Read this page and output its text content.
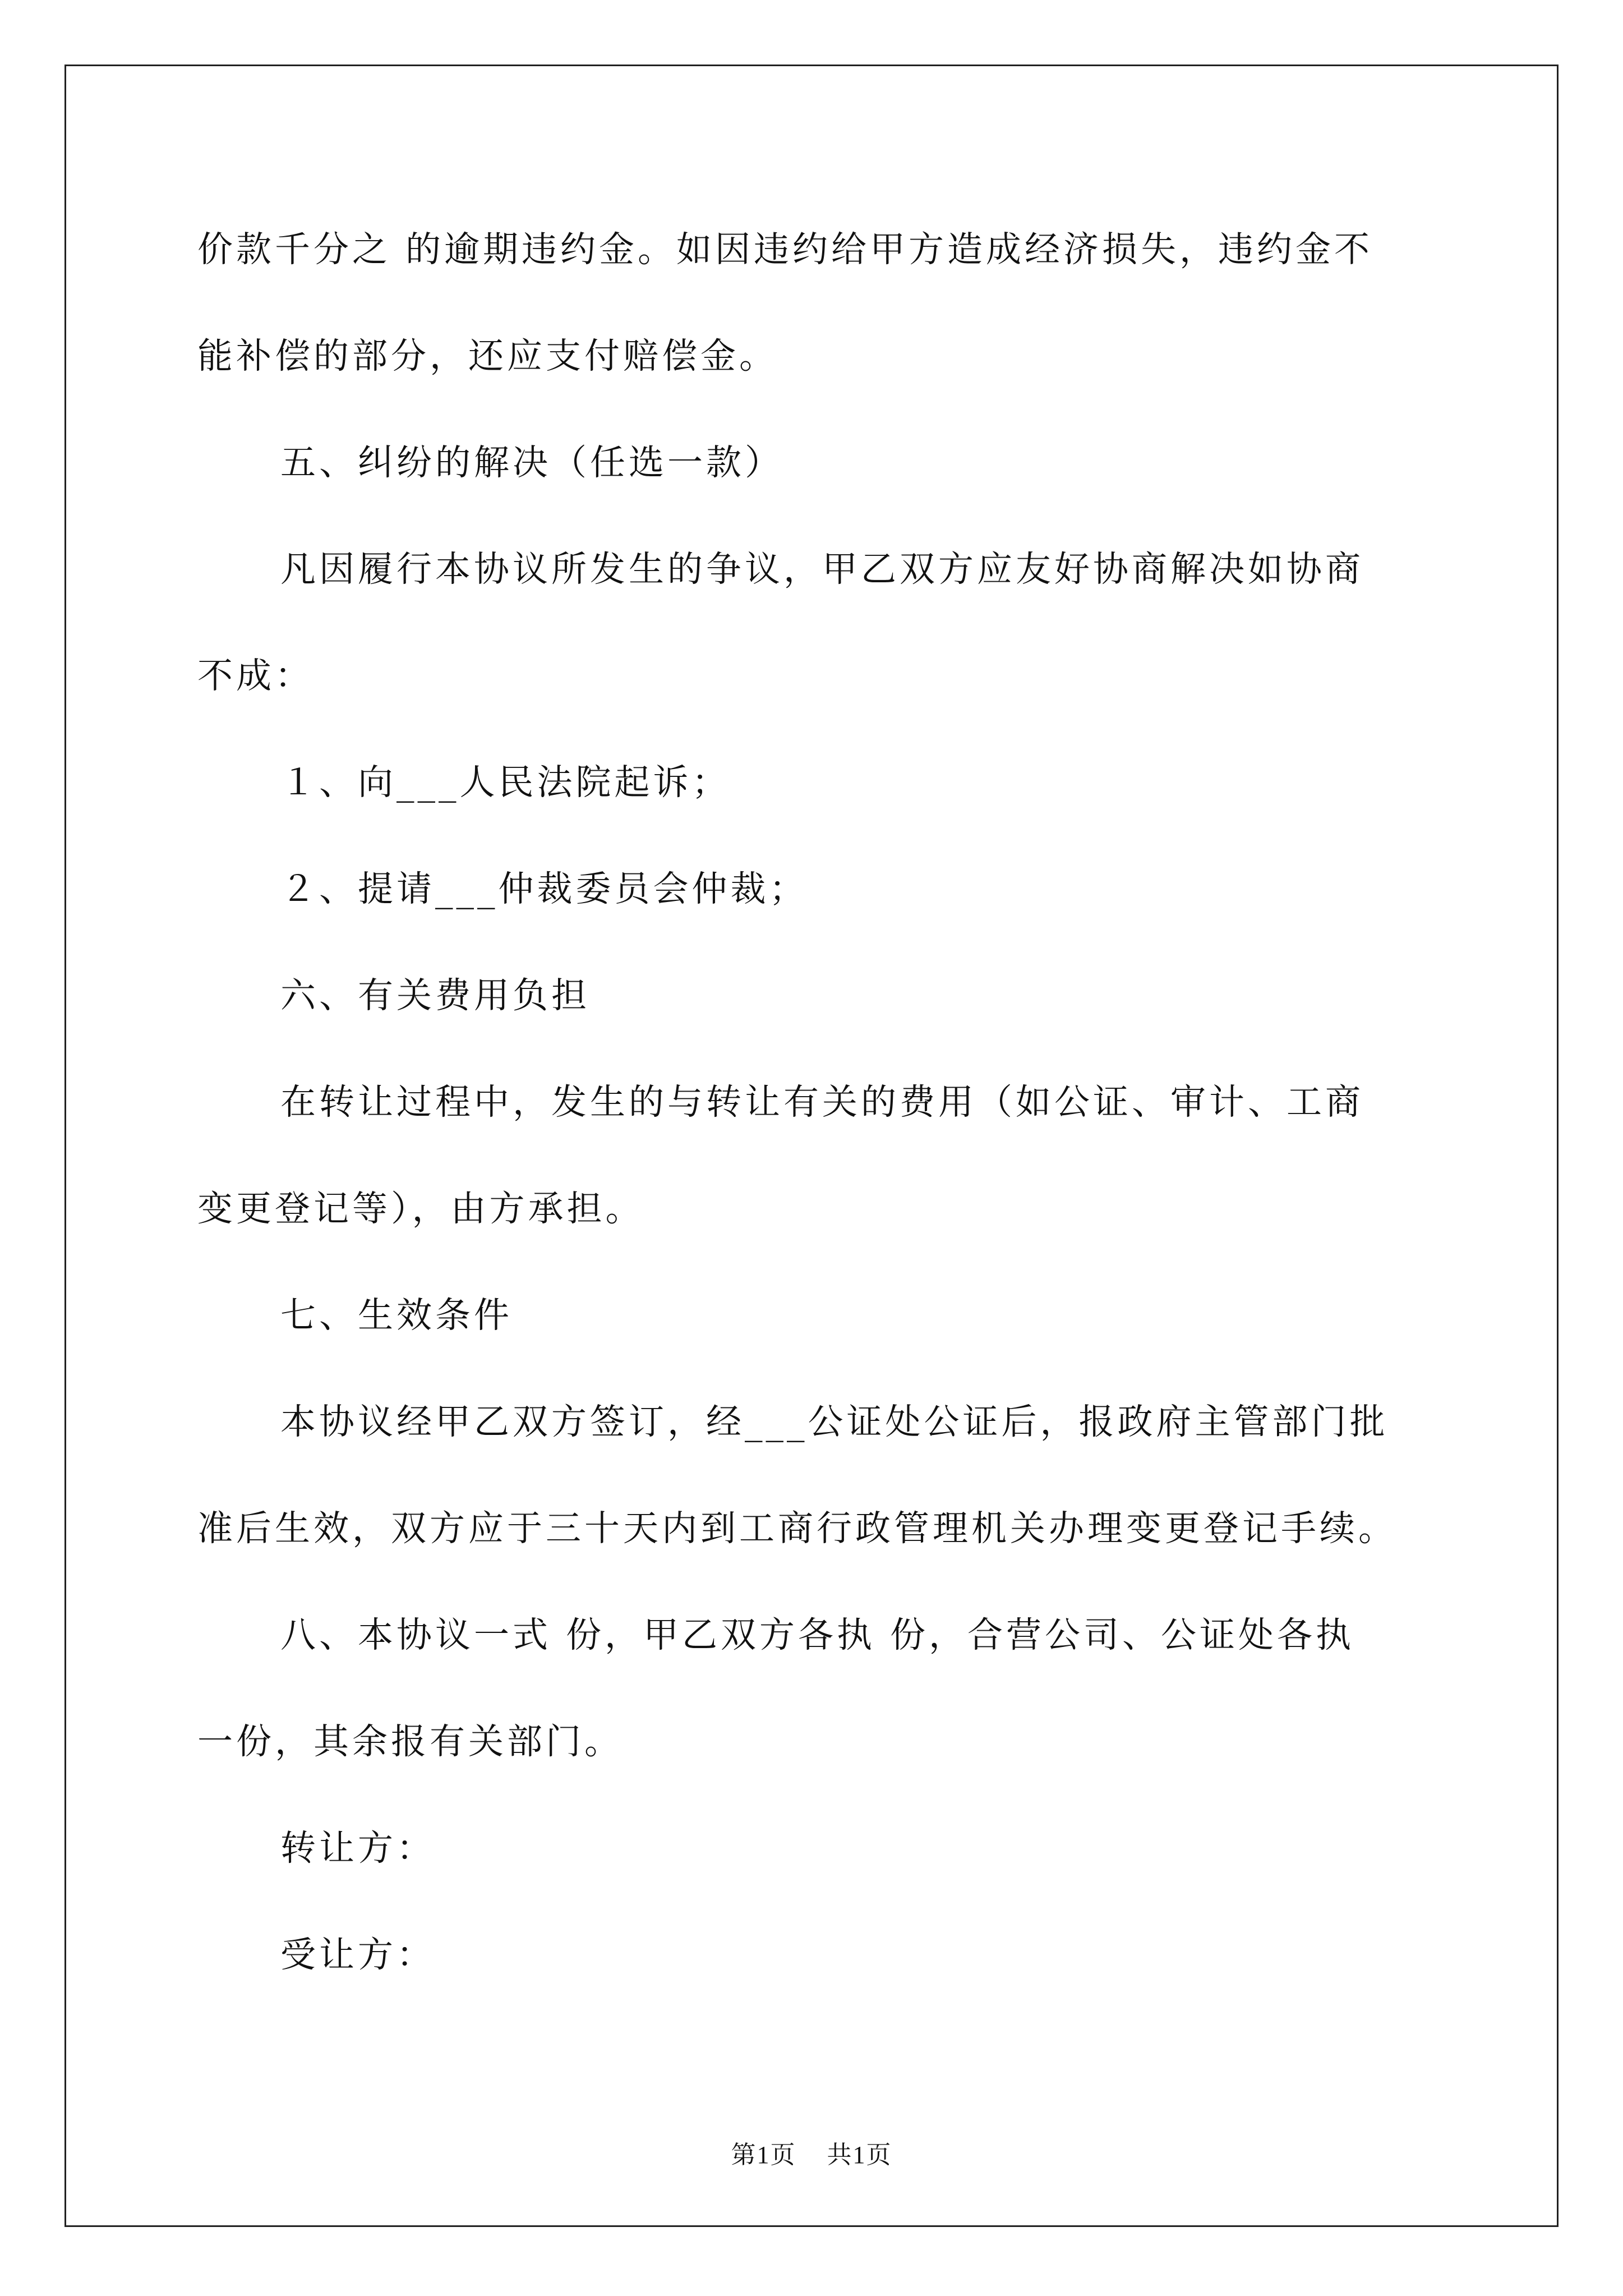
价款千分之 的逾期违约金。如因违约给甲方造成经济损失，违约金不
能补偿的部分，还应支付赔偿金。
五、纠纷的解决（任选一款）
凡因履行本协议所发生的争议，甲乙双方应友好协商解决如协商
不成：
１、向___人民法院起诉；
２、提请___仲裁委员会仲裁；
六、有关费用负担
在转让过程中，发生的与转让有关的费用（如公证、审计、工商
变更登记等），由方承担。
七、生效条件
本协议经甲乙双方签订，经___公证处公证后，报政府主管部门批
准后生效，双方应于三十天内到工商行政管理机关办理变更登记手续。
八、本协议一式 份，甲乙双方各执 份，合营公司、公证处各执
一份，其余报有关部门。
转让方：
受让方：
第1页 共1页
